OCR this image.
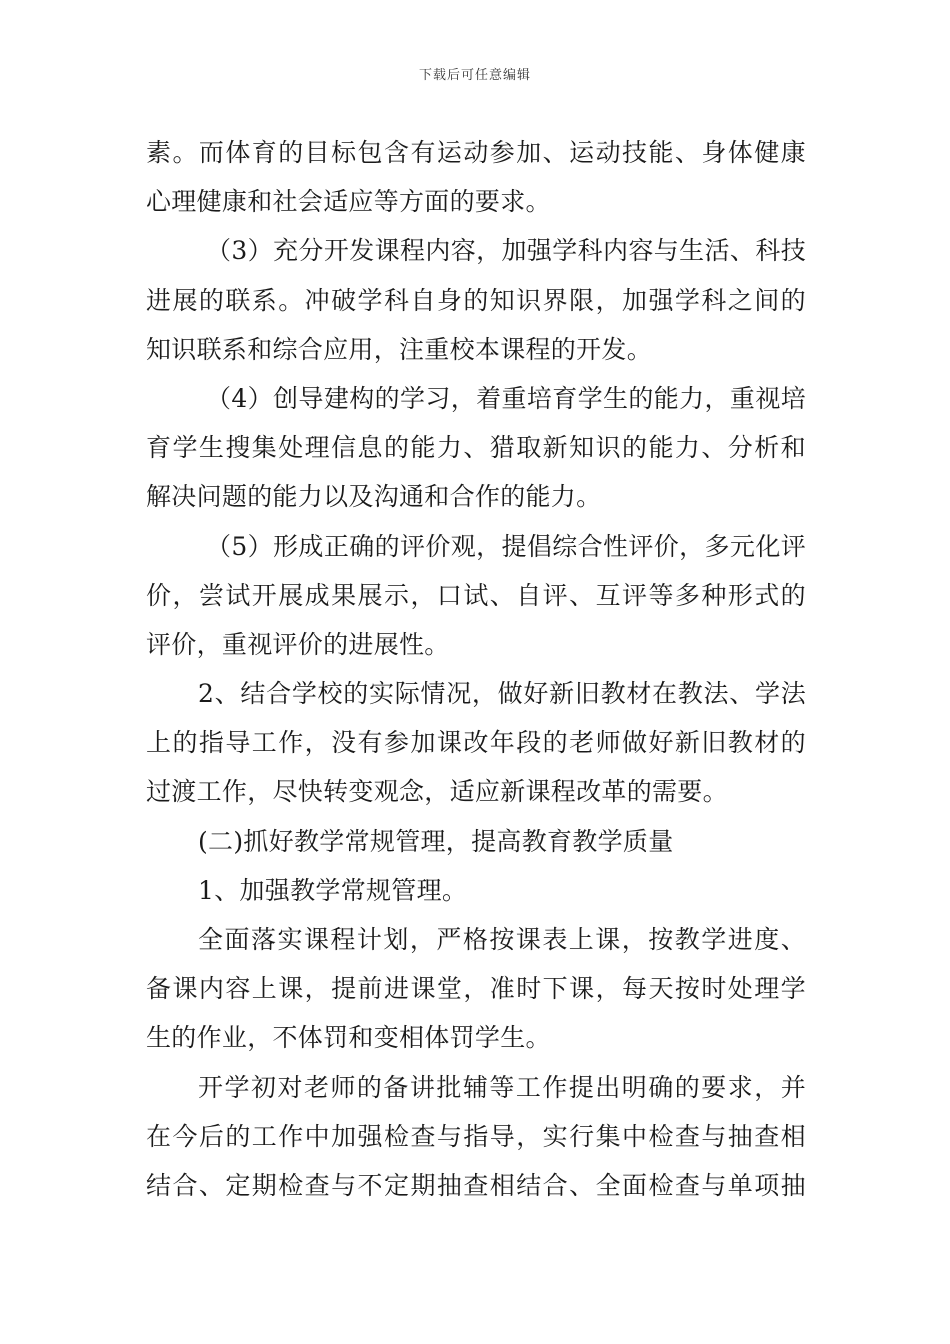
下载后可任意编辑
素。而体育的目标包含有运动参加、运动技能、身体健康
心理健康和社会适应等方面的要求。
（3）充分开发课程内容，加强学科内容与生活、科技
进展的联系。冲破学科自身的知识界限，加强学科之间的
知识联系和综合应用，注重校本课程的开发。
（4）创导建构的学习，着重培育学生的能力，重视培
育学生搜集处理信息的能力、猎取新知识的能力、分析和
解决问题的能力以及沟通和合作的能力。
（5）形成正确的评价观，提倡综合性评价，多元化评
价，尝试开展成果展示，口试、自评、互评等多种形式的
评价，重视评价的进展性。
2、结合学校的实际情况，做好新旧教材在教法、学法
上的指导工作，没有参加课改年段的老师做好新旧教材的
过渡工作，尽快转变观念，适应新课程改革的需要。
(二)抓好教学常规管理，提高教育教学质量
1、加强教学常规管理。
全面落实课程计划，严格按课表上课，按教学进度、
备课内容上课，提前进课堂，准时下课，每天按时处理学
生的作业，不体罚和变相体罚学生。
开学初对老师的备讲批辅等工作提出明确的要求，并
在今后的工作中加强检查与指导，实行集中检查与抽查相
结合、定期检查与不定期抽查相结合、全面检查与单项抽
